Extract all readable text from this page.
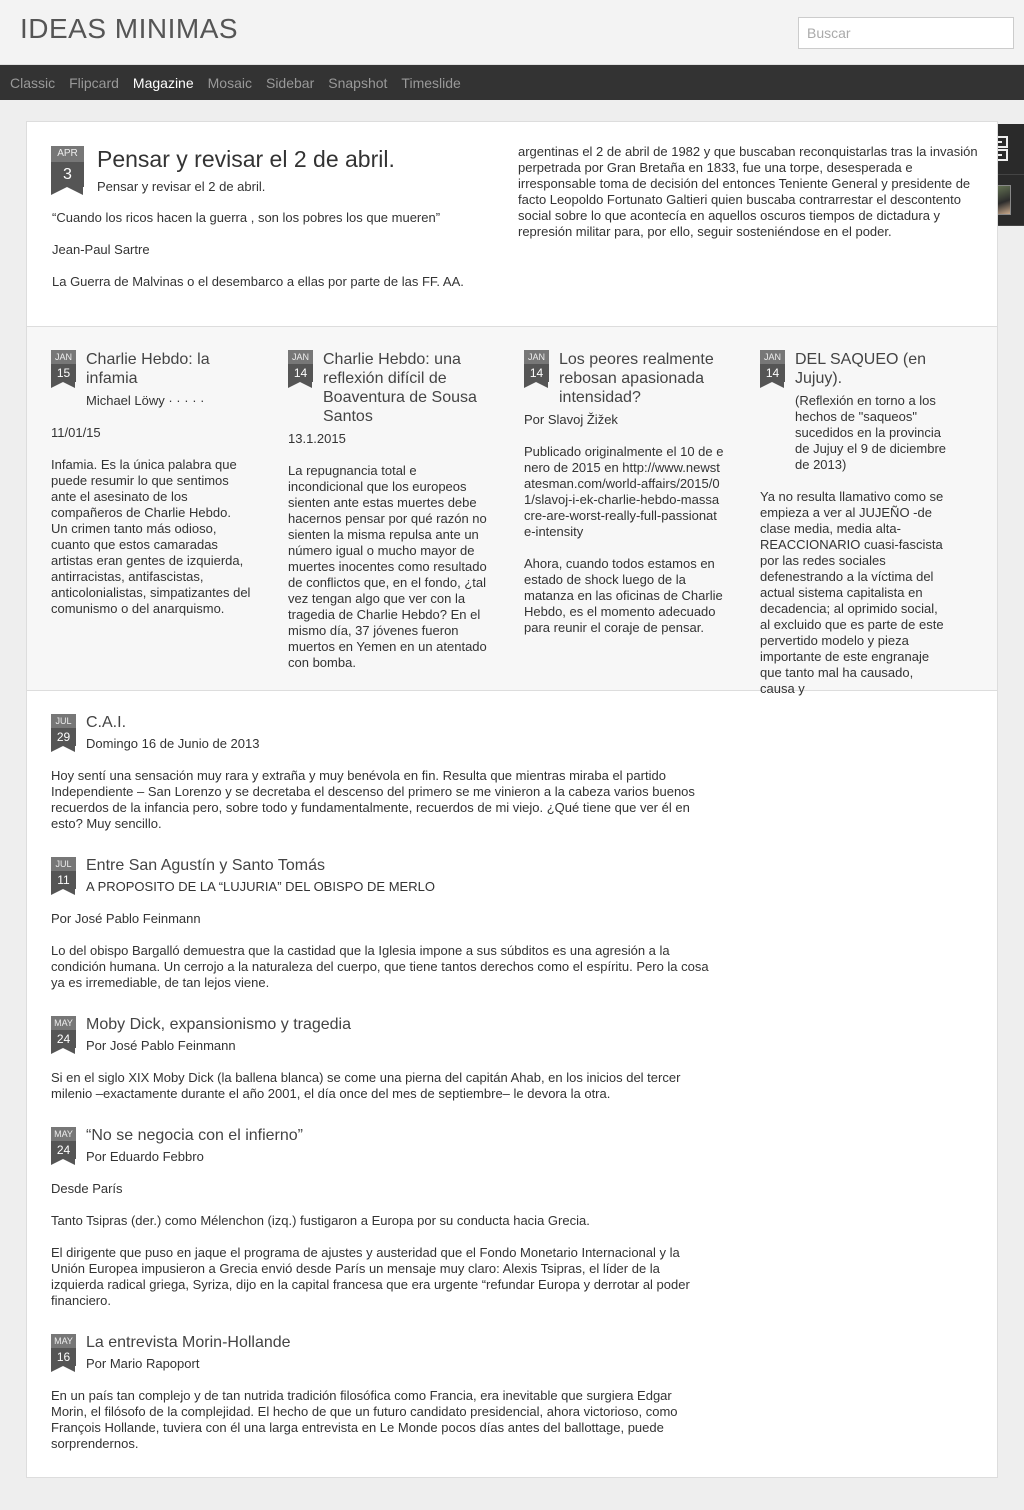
IDEAS MINIMAS
Buscar
Classic Flipcard Magazine Mosaic Sidebar Snapshot Timeslide
APR
3
Pensar y revisar el 2 de abril.
Pensar y revisar el 2 de abril.

“Cuando los ricos hacen la guerra , son los pobres los que mueren”

Jean-Paul Sartre

La Guerra de Malvinas o el desembarco a ellas por parte de las FF. AA.

argentinas el 2 de abril de 1982 y que buscaban reconquistarlas tras la invasión perpetrada por Gran Bretaña en 1833, fue una torpe, desesperada e irresponsable toma de decisión del entonces Teniente General y presidente de facto Leopoldo Fortunato Galtieri quien buscaba contrarrestar el descontento social sobre lo que acontecía en aquellos oscuros tiempos de dictadura y represión militar para, por ello, seguir sosteniéndose en el poder.
JAN
15
Charlie Hebdo: la infamia
Michael Löwy · · · · ·

11/01/15

Infamia. Es la única palabra que puede resumir lo que sentimos ante el asesinato de los compañeros de Charlie Hebdo. Un crimen tanto más odioso, cuanto que estos camaradas artistas eran gentes de izquierda, antirracistas, antifascistas, anticolonialistas, simpatizantes del comunismo o del anarquismo.

JAN
14
Charlie Hebdo: una reflexión difícil de Boaventura de Sousa Santos

13.1.2015

La repugnancia total e incondicional que los europeos sienten ante estas muertes debe hacernos pensar por qué razón no sienten la misma repulsa ante un número igual o mucho mayor de muertes inocentes como resultado de conflictos que, en el fondo, ¿tal vez tengan algo que ver con la tragedia de Charlie Hebdo? En el mismo día, 37 jóvenes fueron muertos en Yemen en un atentado con bomba.

JAN
14
Los peores realmente rebosan apasionada intensidad?

Por Slavoj Žižek

Publicado originalmente el 10 de enero de 2015 en http://www.newstatesman.com/world-affairs/2015/01/slavoj-i-ek-charlie-hebdo-massacre-are-worst-really-full-passionate-intensity

Ahora, cuando todos estamos en estado de shock luego de la matanza en las oficinas de Charlie Hebdo, es el momento adecuado para reunir el coraje de pensar.

JAN
14
DEL SAQUEO (en Jujuy).

(Reflexión en torno a los hechos de "saqueos" sucedidos en la provincia de Jujuy el 9 de diciembre de 2013)

Ya no resulta llamativo como se empieza a ver al JUJEÑO -de clase media, media alta- REACCIONARIO cuasi-fascista por las redes sociales defenestrando a la víctima del actual sistema capitalista en decadencia; al oprimido social, al excluido que es parte de este pervertido modelo y pieza importante de este engranaje que tanto mal ha causado, causa y

JUL
29
C.A.I.
Domingo 16 de Junio de 2013

Hoy sentí una sensación muy rara y extraña y muy benévola en fin. Resulta que mientras miraba el partido Independiente – San Lorenzo y se decretaba el descenso del primero se me vinieron a la cabeza varios buenos recuerdos de la infancia pero, sobre todo y fundamentalmente, recuerdos de mi viejo. ¿Qué tiene que ver él en esto? Muy sencillo.

JUL
11
Entre San Agustín y Santo Tomás
A PROPOSITO DE LA “LUJURIA” DEL OBISPO DE MERLO

Por José Pablo Feinmann

Lo del obispo Bargalló demuestra que la castidad que la Iglesia impone a sus súbditos es una agresión a la condición humana. Un cerrojo a la naturaleza del cuerpo, que tiene tantos derechos como el espíritu. Pero la cosa ya es irremediable, de tan lejos viene.

MAY
24
Moby Dick, expansionismo y tragedia
Por José Pablo Feinmann

Si en el siglo XIX Moby Dick (la ballena blanca) se come una pierna del capitán Ahab, en los inicios del tercer milenio –exactamente durante el año 2001, el día once del mes de septiembre– le devora la otra.

MAY
24
“No se negocia con el infierno”
Por Eduardo Febbro

Desde París

Tanto Tsipras (der.) como Mélenchon (izq.) fustigaron a Europa por su conducta hacia Grecia.

El dirigente que puso en jaque el programa de ajustes y austeridad que el Fondo Monetario Internacional y la Unión Europea impusieron a Grecia envió desde París un mensaje muy claro: Alexis Tsipras, el líder de la izquierda radical griega, Syriza, dijo en la capital francesa que era urgente “refundar Europa y derrotar al poder financiero.

MAY
16
La entrevista Morin-Hollande
Por Mario Rapoport

En un país tan complejo y de tan nutrida tradición filosófica como Francia, era inevitable que surgiera Edgar Morin, el filósofo de la complejidad. El hecho de que un futuro candidato presidencial, ahora victorioso, como François Hollande, tuviera con él una larga entrevista en Le Monde pocos días antes del ballottage, puede sorprendernos.
